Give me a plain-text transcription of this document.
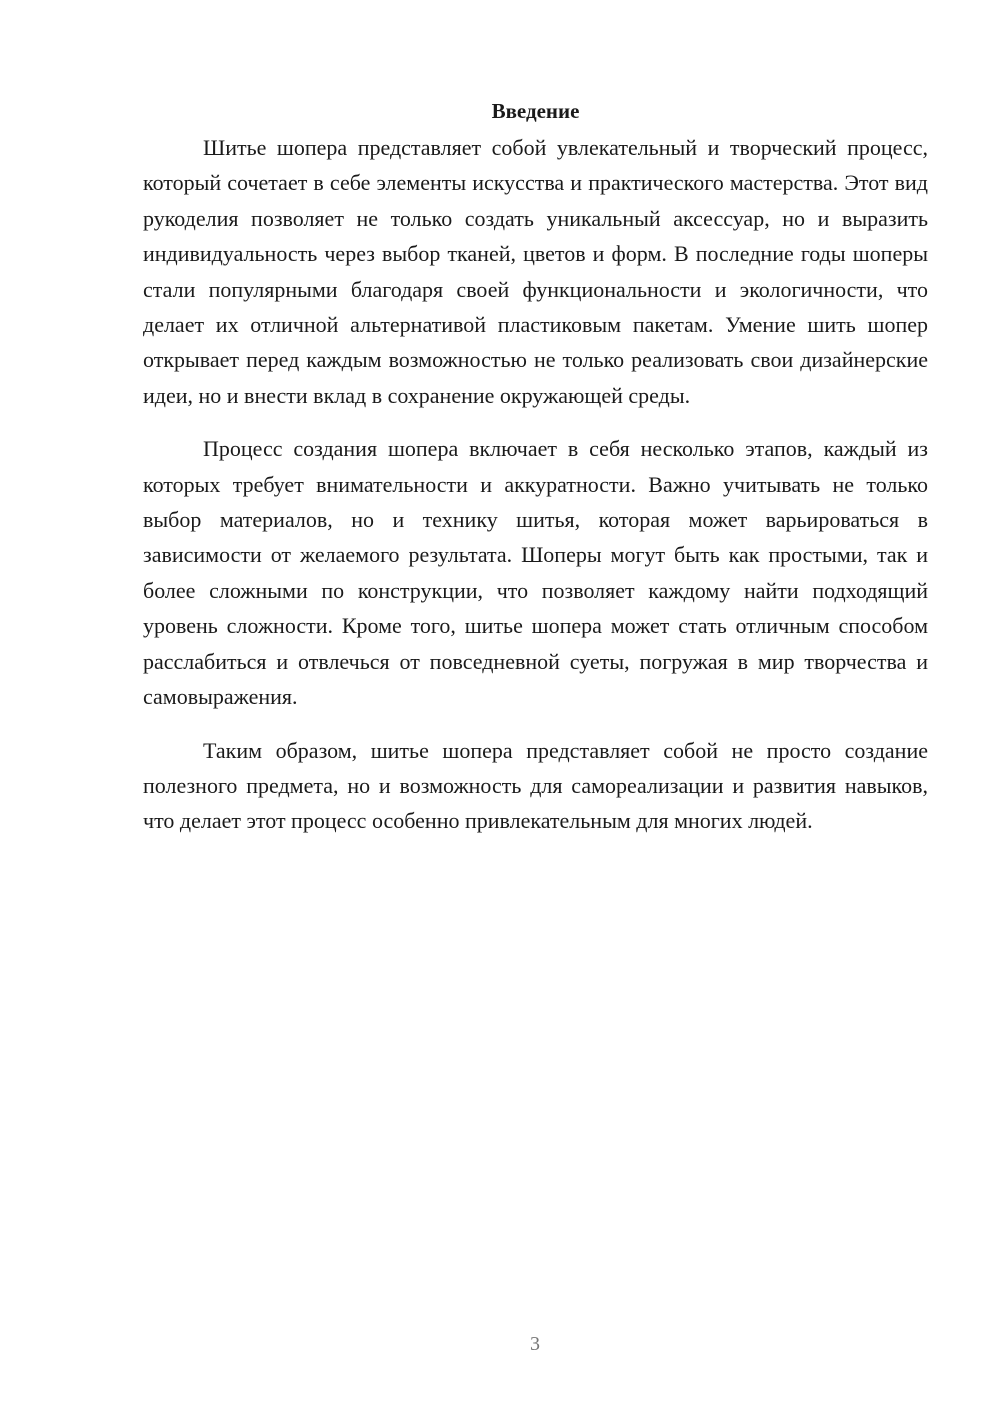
Введение

Шитье шопера представляет собой увлекательный и творческий процесс, который сочетает в себе элементы искусства и практического мастерства. Этот вид рукоделия позволяет не только создать уникальный аксессуар, но и выразить индивидуальность через выбор тканей, цветов и форм. В последние годы шоперы стали популярными благодаря своей функциональности и экологичности, что делает их отличной альтернативой пластиковым пакетам. Умение шить шопер открывает перед каждым возможностью не только реализовать свои дизайнерские идеи, но и внести вклад в сохранение окружающей среды.

Процесс создания шопера включает в себя несколько этапов, каждый из которых требует внимательности и аккуратности. Важно учитывать не только выбор материалов, но и технику шитья, которая может варьироваться в зависимости от желаемого результата. Шоперы могут быть как простыми, так и более сложными по конструкции, что позволяет каждому найти подходящий уровень сложности. Кроме того, шитье шопера может стать отличным способом расслабиться и отвлечься от повседневной суеты, погружая в мир творчества и самовыражения.

Таким образом, шитье шопера представляет собой не просто создание полезного предмета, но и возможность для самореализации и развития навыков, что делает этот процесс особенно привлекательным для многих людей.

3
